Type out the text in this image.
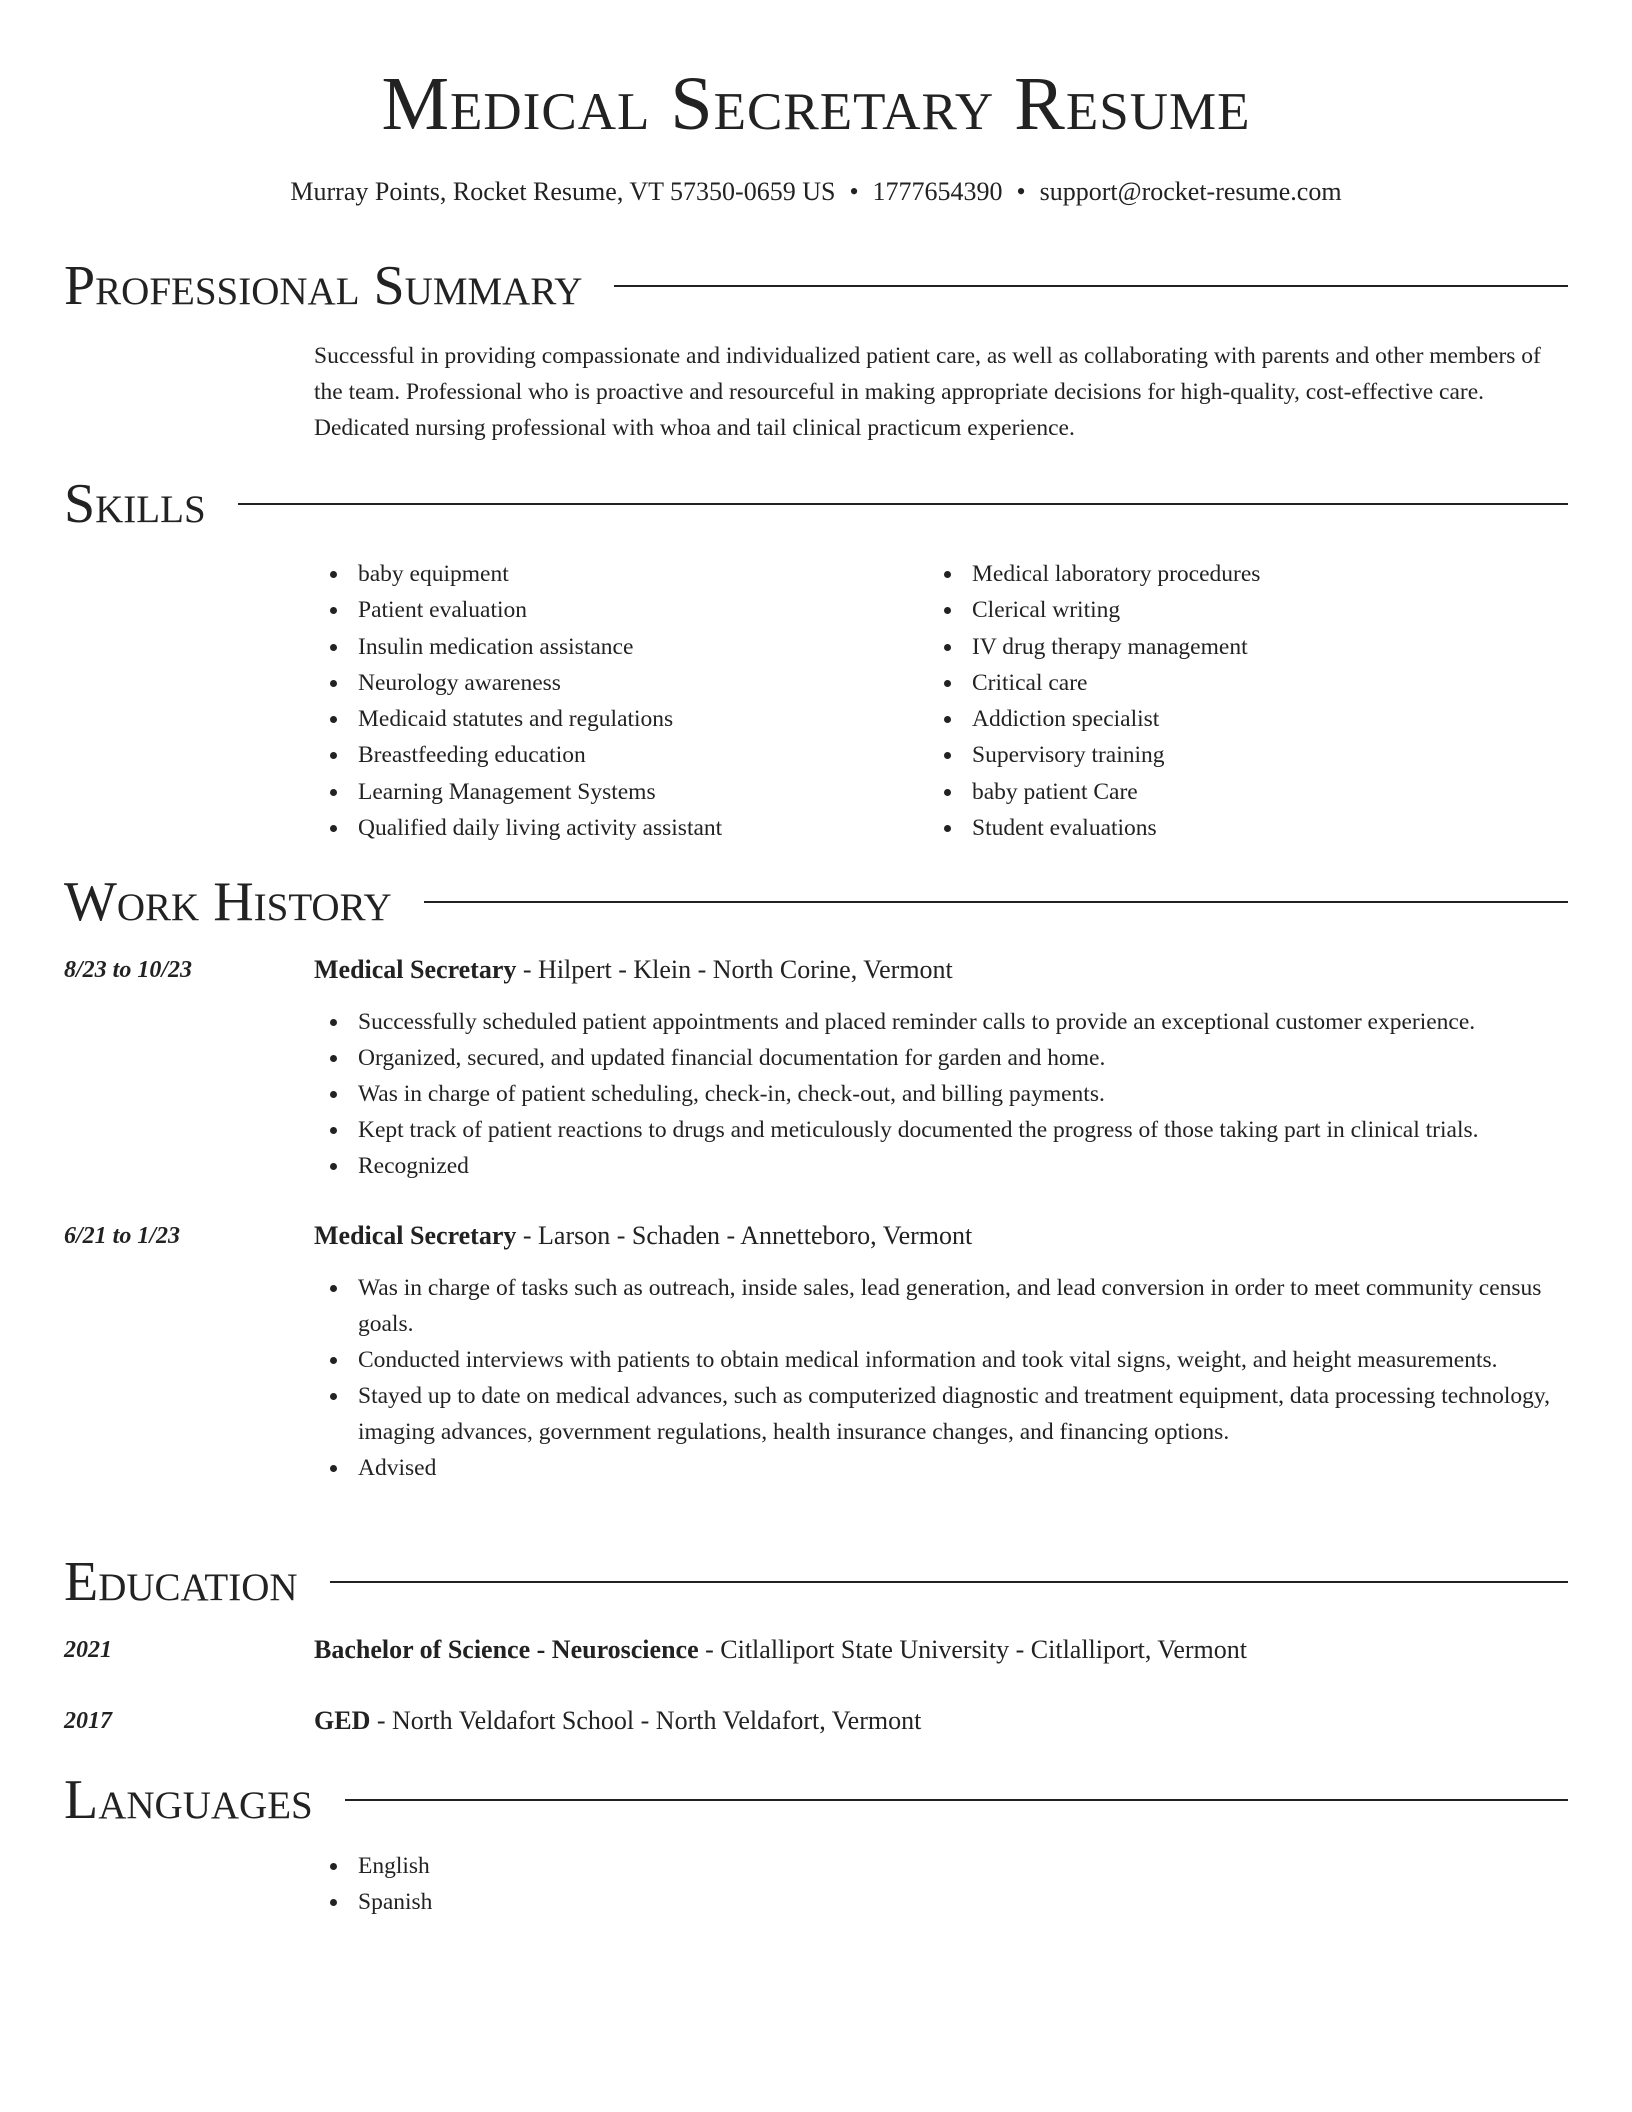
Medical Secretary Resume
Murray Points, Rocket Resume, VT 57350-0659 US • 1777654390 • support@rocket-resume.com
Professional Summary
Successful in providing compassionate and individualized patient care, as well as collaborating with parents and other members of the team. Professional who is proactive and resourceful in making appropriate decisions for high-quality, cost-effective care. Dedicated nursing professional with whoa and tail clinical practicum experience.
Skills
baby equipment
Patient evaluation
Insulin medication assistance
Neurology awareness
Medicaid statutes and regulations
Breastfeeding education
Learning Management Systems
Qualified daily living activity assistant
Medical laboratory procedures
Clerical writing
IV drug therapy management
Critical care
Addiction specialist
Supervisory training
baby patient Care
Student evaluations
Work History
8/23 to 10/23	Medical Secretary - Hilpert - Klein - North Corine, Vermont
Successfully scheduled patient appointments and placed reminder calls to provide an exceptional customer experience.
Organized, secured, and updated financial documentation for garden and home.
Was in charge of patient scheduling, check-in, check-out, and billing payments.
Kept track of patient reactions to drugs and meticulously documented the progress of those taking part in clinical trials.
Recognized
6/21 to 1/23	Medical Secretary - Larson - Schaden - Annetteboro, Vermont
Was in charge of tasks such as outreach, inside sales, lead generation, and lead conversion in order to meet community census goals.
Conducted interviews with patients to obtain medical information and took vital signs, weight, and height measurements.
Stayed up to date on medical advances, such as computerized diagnostic and treatment equipment, data processing technology, imaging advances, government regulations, health insurance changes, and financing options.
Advised
Education
2021	Bachelor of Science - Neuroscience - Citlalliport State University - Citlalliport, Vermont
2017	GED - North Veldafort School - North Veldafort, Vermont
Languages
English
Spanish
